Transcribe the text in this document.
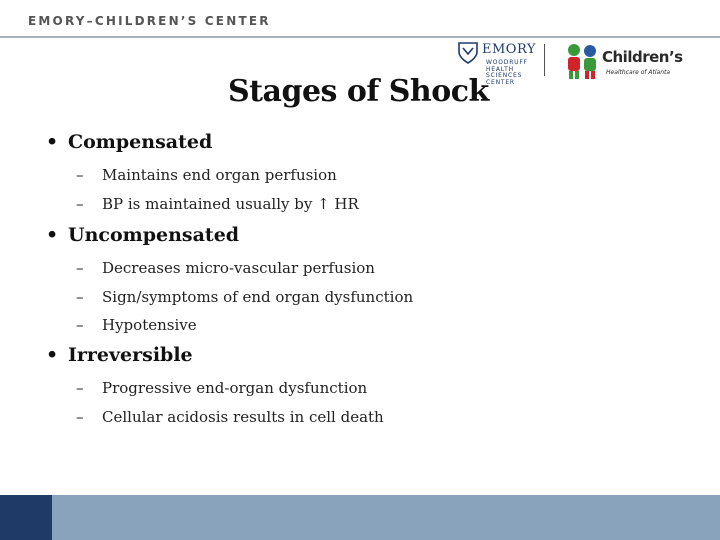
EMORY–CHILDREN’S CENTER
EMORY
WOODRUFF
HEALTH
SCIENCES
CENTER
Children’s
Healthcare of Atlanta
Stages of Shock
• Compensated
– Maintains end organ perfusion
– BP is maintained usually by ↑ HR
• Uncompensated
– Decreases micro-vascular perfusion
– Sign/symptoms of end organ dysfunction
– Hypotensive
• Irreversible
– Progressive end-organ dysfunction
– Cellular acidosis results in cell death
18
